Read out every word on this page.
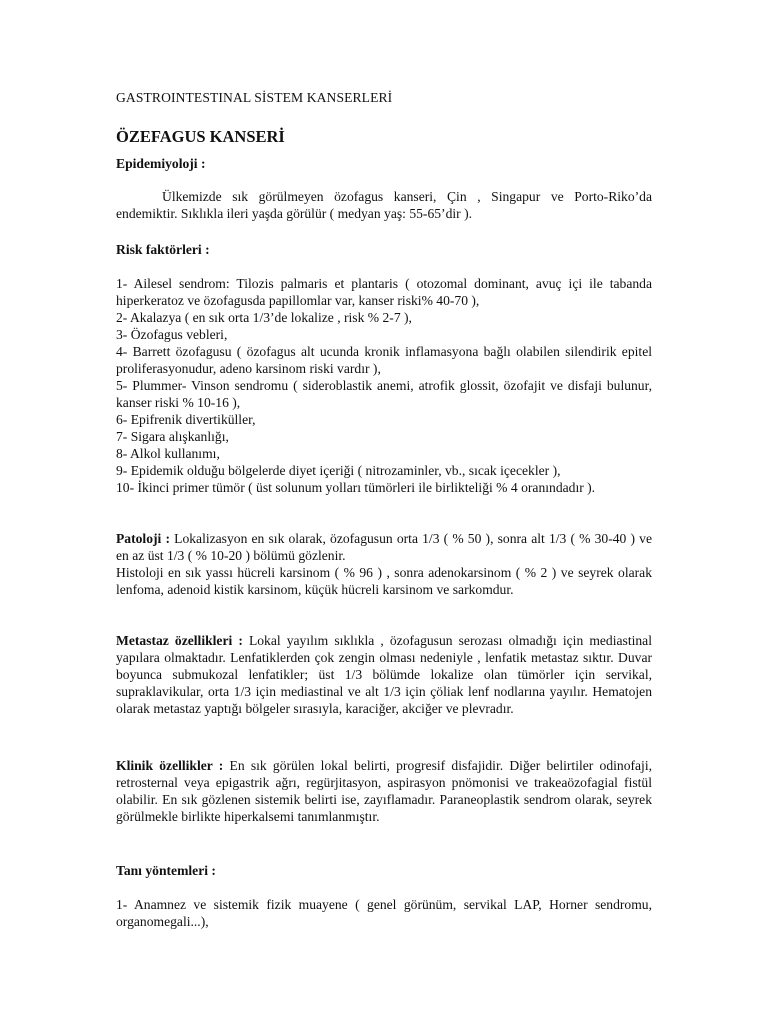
GASTROINTESTINAL SİSTEM KANSERLERİ
ÖZEFAGUS KANSERİ
Epidemiyoloji :

Ülkemizde sık görülmeyen özofagus kanseri, Çin , Singapur ve Porto-Riko’da endemiktir. Sıklıkla ileri yaşda görülür ( medyan yaş: 55-65’dir ).

Risk faktörleri :
1- Ailesel sendrom: Tilozis palmaris et plantaris ( otozomal dominant, avuç içi ile tabanda hiperkeratoz ve özofagusda papillomlar var, kanser riski% 40-70 ),
2- Akalazya ( en sık orta 1/3’de lokalize , risk % 2-7 ),
3- Özofagus vebleri,
4- Barrett özofagusu ( özofagus alt ucunda kronik inflamasyona bağlı olabilen silendirik epitel proliferasyonudur, adeno karsinom riski vardır ),
5- Plummer- Vinson sendromu ( sideroblastik anemi, atrofik glossit, özofajit ve disfaji bulunur, kanser riski % 10-16 ),
6- Epifrenik divertiküller,
7- Sigara alışkanlığı,
8- Alkol kullanımı,
9- Epidemik olduğu bölgelerde diyet içeriği ( nitrozaminler, vb., sıcak içecekler ),
10- İkinci primer tümör ( üst solunum yolları tümörleri ile birlikteliği % 4 oranındadır ).

Patoloji : Lokalizasyon en sık olarak, özofagusun orta 1/3 ( % 50 ), sonra alt 1/3 ( % 30-40 ) ve en az üst 1/3 ( % 10-20 ) bölümü gözlenir.

Histoloji en sık yassı hücreli karsinom ( % 96 ) , sonra adenokarsinom ( % 2 ) ve seyrek olarak lenfoma, adenoid kistik karsinom, küçük hücreli karsinom ve sarkomdur.

Metastaz özellikleri : Lokal yayılım sıklıkla , özofagusun serozası olmadığı için mediastinal yapılara olmaktadır. Lenfatiklerden çok zengin olması nedeniyle , lenfatik metastaz sıktır. Duvar boyunca submukozal lenfatikler; üst 1/3 bölümde lokalize olan tümörler için servikal, supraklavikular, orta 1/3 için mediastinal ve alt 1/3 için çöliak lenf nodlarına yayılır. Hematojen olarak metastaz yaptığı bölgeler sırasıyla, karaciğer, akciğer ve plevradır.

Klinik özellikler : En sık görülen lokal belirti, progresif disfajidir. Diğer belirtiler odinofaji, retrosternal veya epigastrik ağrı, regürjitasyon, aspirasyon pnömonisi ve trakeaözofagial fistül olabilir. En sık gözlenen sistemik belirti ise, zayıflamadır. Paraneoplastik sendrom olarak, seyrek görülmekle birlikte hiperkalsemi tanımlanmıştır.

Tanı yöntemleri :

1- Anamnez ve sistemik fizik muayene ( genel görünüm, servikal LAP, Horner sendromu, organomegali...),
